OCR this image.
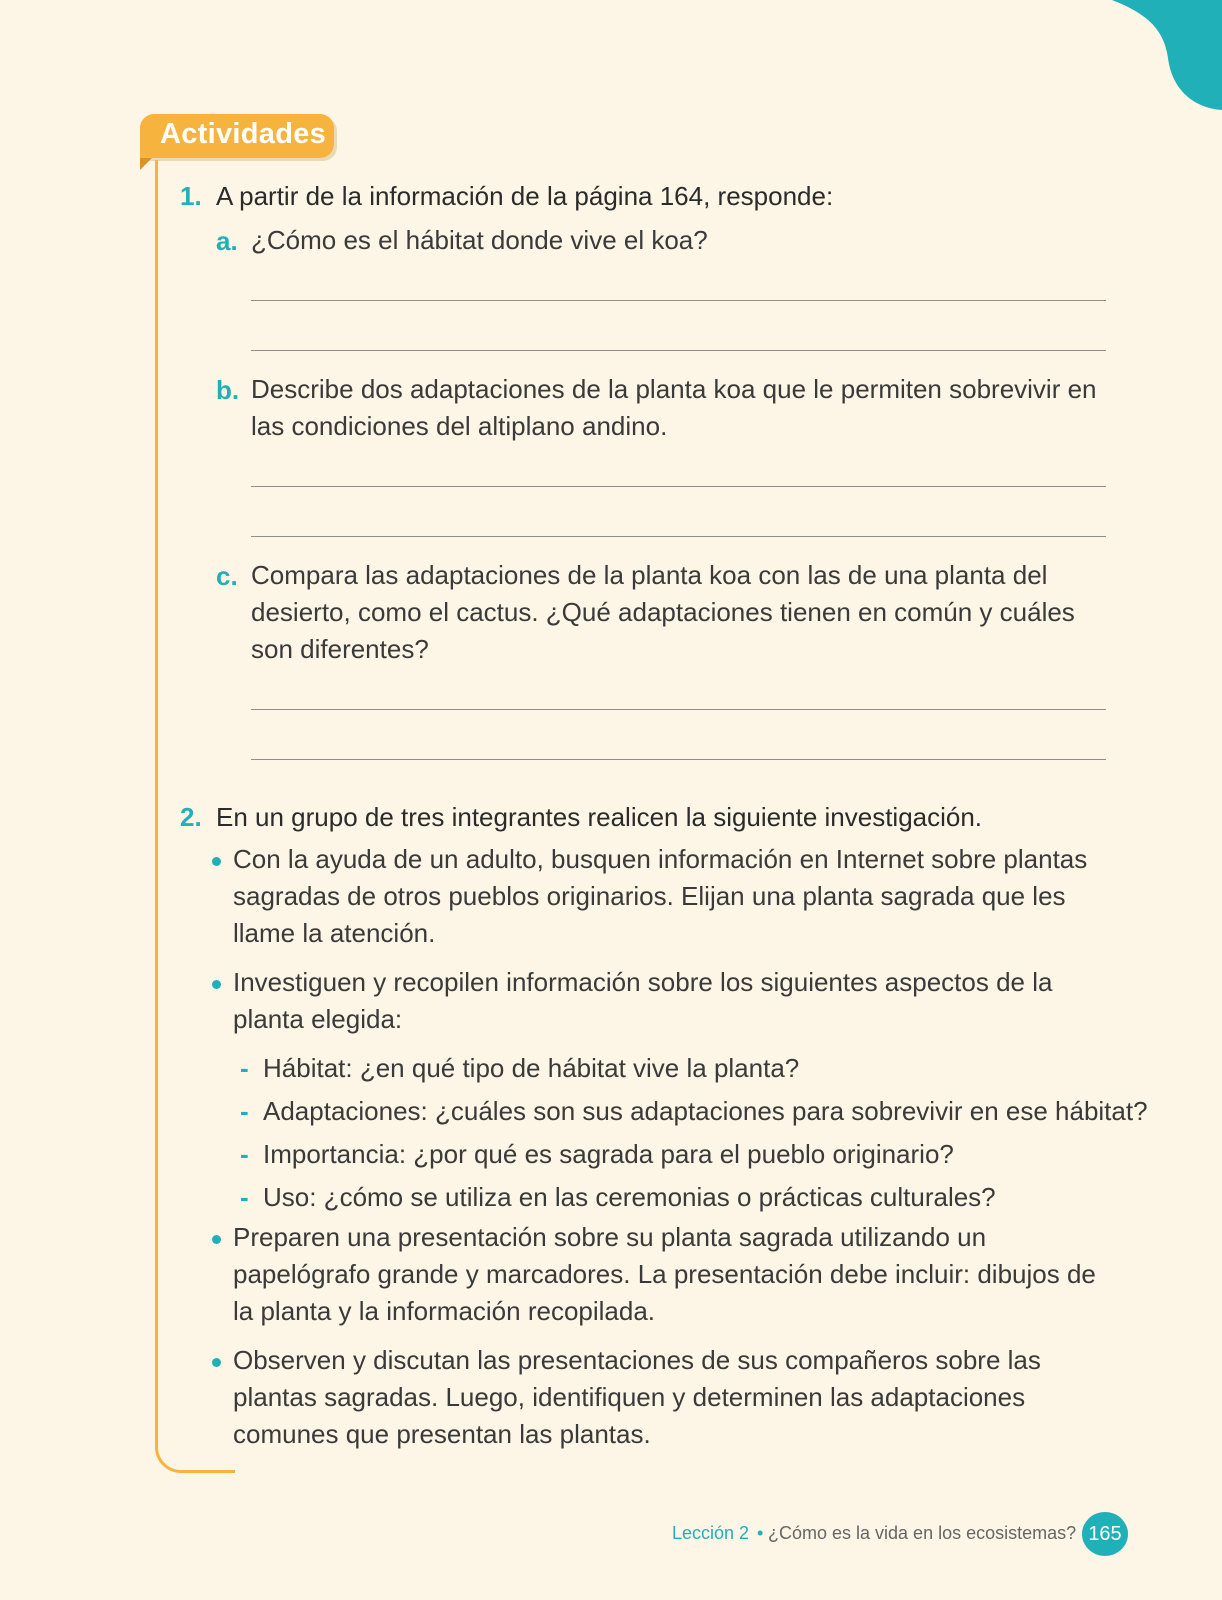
Actividades
1. A partir de la información de la página 164, responde:
a. ¿Cómo es el hábitat donde vive el koa?
b. Describe dos adaptaciones de la planta koa que le permiten sobrevivir en las condiciones del altiplano andino.
c. Compara las adaptaciones de la planta koa con las de una planta del desierto, como el cactus. ¿Qué adaptaciones tienen en común y cuáles son diferentes?
2. En un grupo de tres integrantes realicen la siguiente investigación.
Con la ayuda de un adulto, busquen información en Internet sobre plantas sagradas de otros pueblos originarios. Elijan una planta sagrada que les llame la atención.
Investiguen y recopilen información sobre los siguientes aspectos de la planta elegida:
- Hábitat: ¿en qué tipo de hábitat vive la planta?
- Adaptaciones: ¿cuáles son sus adaptaciones para sobrevivir en ese hábitat?
- Importancia: ¿por qué es sagrada para el pueblo originario?
- Uso: ¿cómo se utiliza en las ceremonias o prácticas culturales?
Preparen una presentación sobre su planta sagrada utilizando un papelógrafo grande y marcadores. La presentación debe incluir: dibujos de la planta y la información recopilada.
Observen y discutan las presentaciones de sus compañeros sobre las plantas sagradas. Luego, identifiquen y determinen las adaptaciones comunes que presentan las plantas.
Lección 2 • ¿Cómo es la vida en los ecosistemas? 165
